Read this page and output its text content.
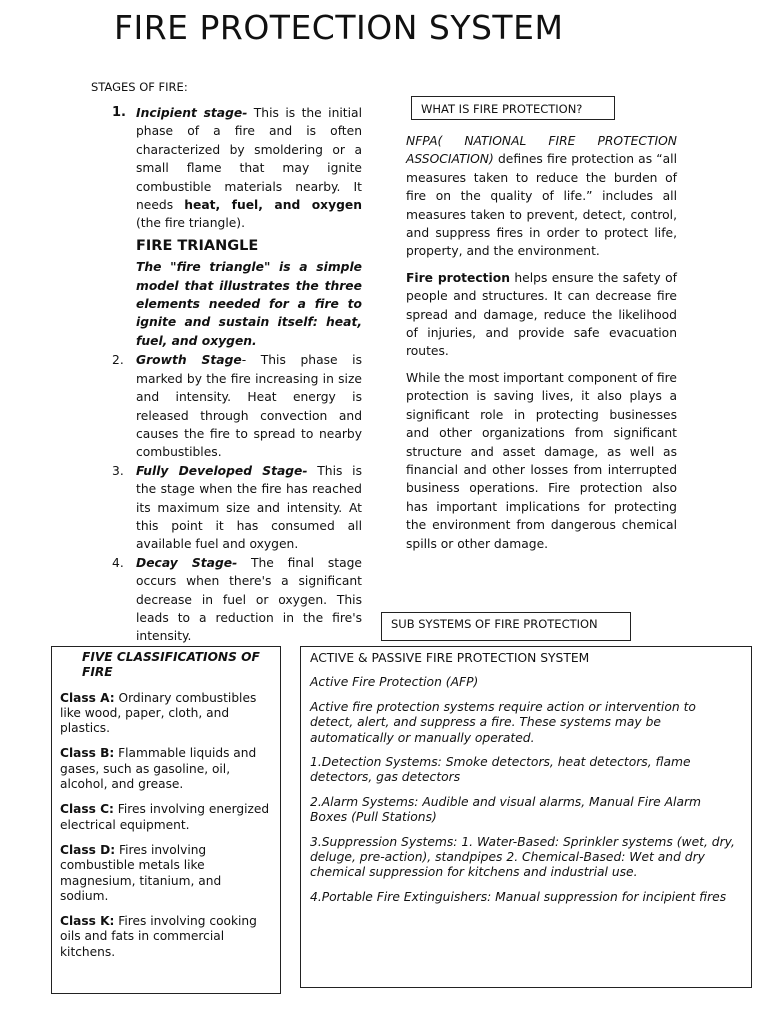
FIRE PROTECTION SYSTEM
STAGES OF FIRE:
1. Incipient stage- This is the initial phase of a fire and is often characterized by smoldering or a small flame that may ignite combustible materials nearby. It needs heat, fuel, and oxygen (the fire triangle).
FIRE TRIANGLE
The "fire triangle" is a simple model that illustrates the three elements needed for a fire to ignite and sustain itself: heat, fuel, and oxygen.
2. Growth Stage- This phase is marked by the fire increasing in size and intensity. Heat energy is released through convection and causes the fire to spread to nearby combustibles.
3. Fully Developed Stage- This is the stage when the fire has reached its maximum size and intensity. At this point it has consumed all available fuel and oxygen.
4. Decay Stage- The final stage occurs when there's a significant decrease in fuel or oxygen. This leads to a reduction in the fire's intensity.
WHAT IS FIRE PROTECTION?

NFPA( NATIONAL FIRE PROTECTION ASSOCIATION) defines fire protection as “all measures taken to reduce the burden of fire on the quality of life.” includes all measures taken to prevent, detect, control, and suppress fires in order to protect life, property, and the environment.

Fire protection helps ensure the safety of people and structures. It can decrease fire spread and damage, reduce the likelihood of injuries, and provide safe evacuation routes.

While the most important component of fire protection is saving lives, it also plays a significant role in protecting businesses and other organizations from significant structure and asset damage, as well as financial and other losses from interrupted business operations. Fire protection also has important implications for protecting the environment from dangerous chemical spills or other damage.

SUB SYSTEMS OF FIRE PROTECTION
FIVE CLASSIFICATIONS OF
FIRE
Class A: Ordinary combustibles like wood, paper, cloth, and plastics.
Class B: Flammable liquids and gases, such as gasoline, oil, alcohol, and grease.
Class C: Fires involving energized electrical equipment.
Class D: Fires involving combustible metals like magnesium, titanium, and sodium.
Class K: Fires involving cooking oils and fats in commercial kitchens.

ACTIVE & PASSIVE FIRE PROTECTION SYSTEM

Active Fire Protection (AFP)

Active fire protection systems require action or intervention to detect, alert, and suppress a fire. These systems may be automatically or manually operated.

1.Detection Systems: Smoke detectors, heat detectors, flame detectors, gas detectors

2.Alarm Systems: Audible and visual alarms, Manual Fire Alarm Boxes (Pull Stations)

3.Suppression Systems: 1. Water-Based: Sprinkler systems (wet, dry, deluge, pre-action), standpipes 2. Chemical-Based: Wet and dry chemical suppression for kitchens and industrial use.

4.Portable Fire Extinguishers: Manual suppression for incipient fires
